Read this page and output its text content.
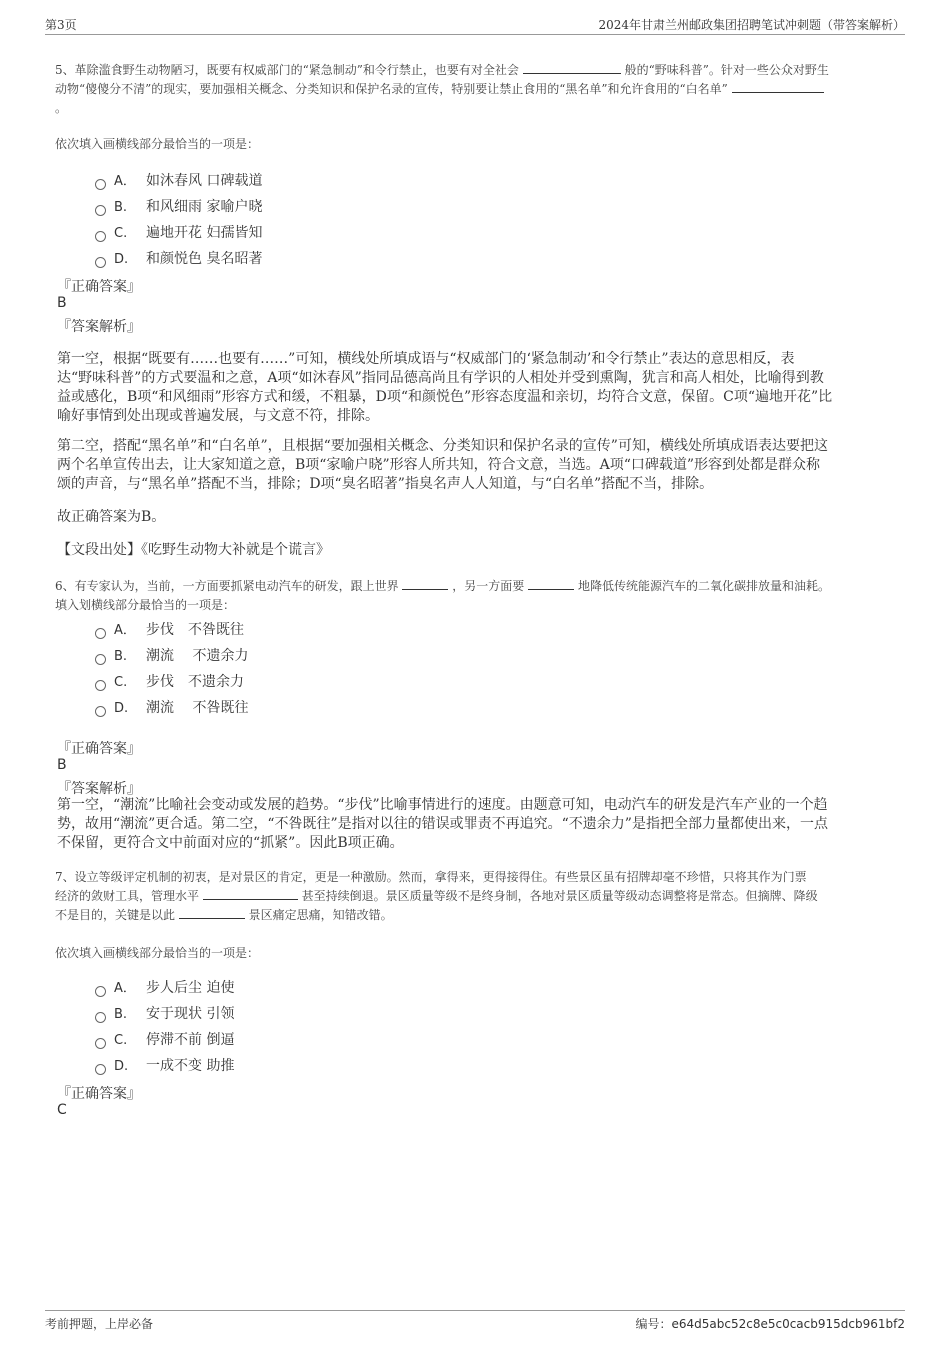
第3页	2024年甘肃兰州邮政集团招聘笔试冲刺题（带答案解析）
5、革除滥食野生动物陋习，既要有权威部门的“紧急制动”和令行禁止，也要有对全社会	般的“野味科普”。针对一些公众对野生
动物“傻傻分不清”的现实，要加强相关概念、分类知识和保护名录的宣传，特别要让禁止食用的“黑名单”和允许食用的“白名单”
。
依次填入画横线部分最恰当的一项是：
A． 如沐春风 口碑载道
B. 和风细雨 家喻户晓
C. 遍地开花 妇孺皆知
D. 和颜悦色 臭名昭著
『正确答案』
B
『答案解析』
第一空，根据“既要有……也要有……”可知，横线处所填成语与“权威部门的‘紧急制动’和令行禁止”表达的意思相反，表
达“野味科普”的方式要温和之意，A项“如沐春风”指同品德高尚且有学识的人相处并受到熏陶，犹言和高人相处，比喻得到教
益或感化，B项“和风细雨”形容方式和缓，不粗暴，D项“和颜悦色”形容态度温和亲切，均符合文意，保留。C项“遍地开花”比
喻好事情到处出现或普遍发展，与文意不符，排除。
第二空，搭配“黑名单”和“白名单”，且根据“要加强相关概念、分类知识和保护名录的宣传”可知，横线处所填成语表达要把这
两个名单宣传出去，让大家知道之意，B项“家喻户晓”形容人所共知，符合文意，当选。A项“口碑载道”形容到处都是群众称
颂的声音，与“黑名单”搭配不当，排除；D项“臭名昭著”指臭名声人人知道，与“白名单”搭配不当，排除。
故正确答案为B。
【文段出处】《吃野生动物大补就是个谎言》
6、有专家认为，当前，一方面要抓紧电动汽车的研发，跟上世界	，另一方面要	地降低传统能源汽车的二氧化碳排放量和油耗。
填入划横线部分最恰当的一项是：
A． 步伐　不咎既往
B. 潮流　 不遗余力
C. 步伐　不遗余力
D. 潮流　 不咎既往
『正确答案』
B
『答案解析』
第一空，“潮流”比喻社会变动或发展的趋势。“步伐”比喻事情进行的速度。由题意可知，电动汽车的研发是汽车产业的一个趋
势，故用“潮流”更合适。第二空，“不咎既往”是指对以往的错误或罪责不再追究。“不遗余力”是指把全部力量都使出来，一点
不保留，更符合文中前面对应的“抓紧”。因此B项正确。
7、设立等级评定机制的初衷，是对景区的肯定，更是一种激励。然而，拿得来，更得接得住。有些景区虽有招牌却毫不珍惜，只将其作为门票
经济的敛财工具，管理水平	甚至持续倒退。景区质量等级不是终身制，各地对景区质量等级动态调整将是常态。但摘牌、降级
不是目的，关键是以此	景区痛定思痛，知错改错。
依次填入画横线部分最恰当的一项是：
A． 步人后尘 迫使
B. 安于现状 引领
C. 停滞不前 倒逼
D. 一成不变 助推
『正确答案』
C
考前押题，上岸必备	编号：e64d5abc52c8e5c0cacb915dcb961bf2
